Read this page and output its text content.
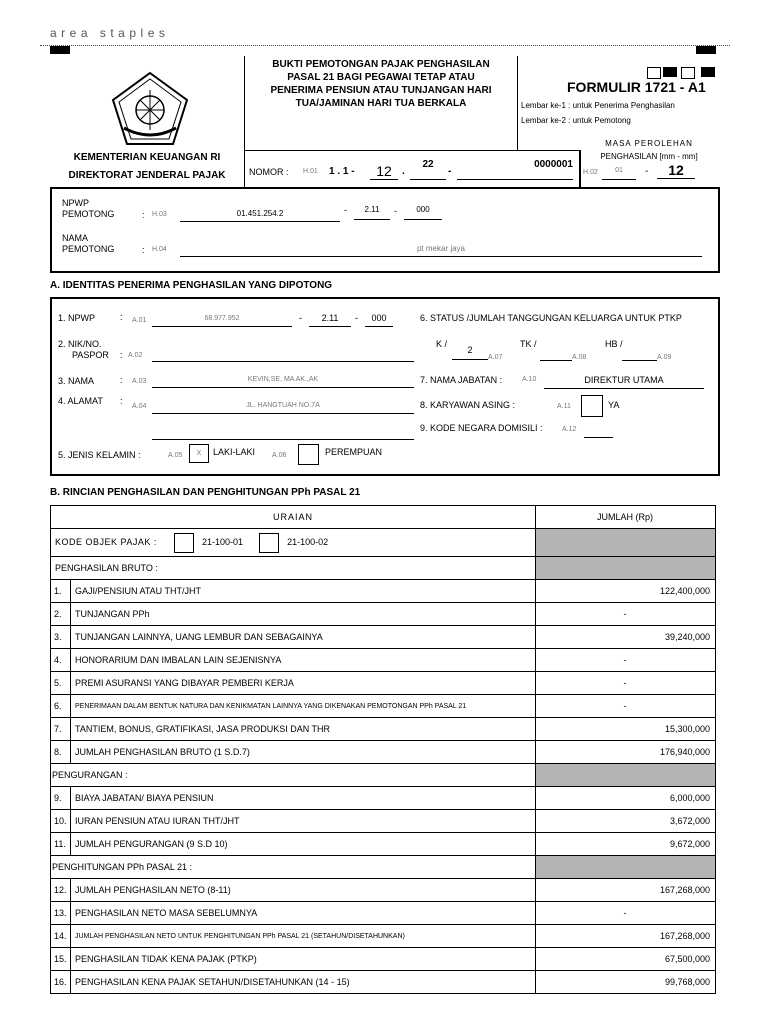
area staples
KEMENTERIAN KEUANGAN RI
DIREKTORAT JENDERAL PAJAK
BUKTI PEMOTONGAN PAJAK PENGHASILAN
PASAL 21 BAGI PEGAWAI TETAP ATAU
PENERIMA PENSIUN ATAU TUNJANGAN HARI
TUA/JAMINAN HARI TUA BERKALA
NOMOR : H.01 1 . 1 -	12	.
22
-
0000001
FORMULIR 1721 - A1
Lembar ke-1 : untuk Penerima Penghasilan
Lembar ke-2 : untuk Pemotong
MASA PEROLEHAN
PENGHASILAN [mm - mm]
H.02	01	-	12
NPWP
PEMOTONG	: H.03	01.451.254.2	-	2.11	-	000
NAMA
PEMOTONG	: H.04	pt mekar jaya
A. IDENTITAS PENERIMA PENGHASILAN YANG DIPOTONG
1. NPWP	: A.01	68.977.952	-	2.11	-	000
2. NIK/NO.
PASPOR : A.02
3. NAMA	: A.03	KEVIN,SE, MA AK.,AK
4. ALAMAT :
A.04	JL. HANGTUAH NO.7A
5. JENIS KELAMIN :	A.05	X	LAKI-LAKI A.06	PEREMPUAN
6. STATUS /JUMLAH TANGGUNGAN KELUARGA UNTUK PTKP
K /
2
A.07
TK /
A.08
HB /
A.09
7. NAMA JABATAN :	A.10	DIREKTUR UTAMA
8. KARYAWAN ASING :	A.11	YA
9. KODE NEGARA DOMISILI :	A.12
B. RINCIAN PENGHASILAN DAN PENGHITUNGAN PPh PASAL 21
URAIAN		JUMLAH (Rp)
KODE OBJEK PAJAK : 21-100-01 21-100-02		
PENGHASILAN BRUTO :		
1.	GAJI/PENSIUN ATAU THT/JHT	122,400,000
2.	TUNJANGAN PPh	-
3.	TUNJANGAN LAINNYA, UANG LEMBUR DAN SEBAGAINYA	39,240,000
4.	HONORARIUM DAN IMBALAN LAIN SEJENISNYA	-
5.	PREMI ASURANSI YANG DIBAYAR PEMBERI KERJA	-
6.	PENERIMAAN DALAM BENTUK NATURA DAN KENIKMATAN LAINNYA YANG DIKENAKAN PEMOTONGAN PPh PASAL 21	-
7.	TANTIEM, BONUS, GRATIFIKASI, JASA PRODUKSI DAN THR	15,300,000
8.	JUMLAH PENGHASILAN BRUTO (1 S.D.7)	176,940,000
PENGURANGAN :		
9.	BIAYA JABATAN/ BIAYA PENSIUN	6,000,000
10.	IURAN PENSIUN ATAU IURAN THT/JHT	3,672,000
11.	JUMLAH PENGURANGAN (9 S.D 10)	9,672,000
PENGHITUNGAN PPh PASAL 21 :		
12.	JUMLAH PENGHASILAN NETO (8-11)	167,268,000
13.	PENGHASILAN NETO MASA SEBELUMNYA	-
14.	JUMLAH PENGHASILAN NETO UNTUK PENGHITUNGAN PPh PASAL 21 (SETAHUN/DISETAHUNKAN)	167,268,000
15.	PENGHASILAN TIDAK KENA PAJAK (PTKP)	67,500,000
16.	PENGHASILAN KENA PAJAK SETAHUN/DISETAHUNKAN (14 - 15)	99,768,000
